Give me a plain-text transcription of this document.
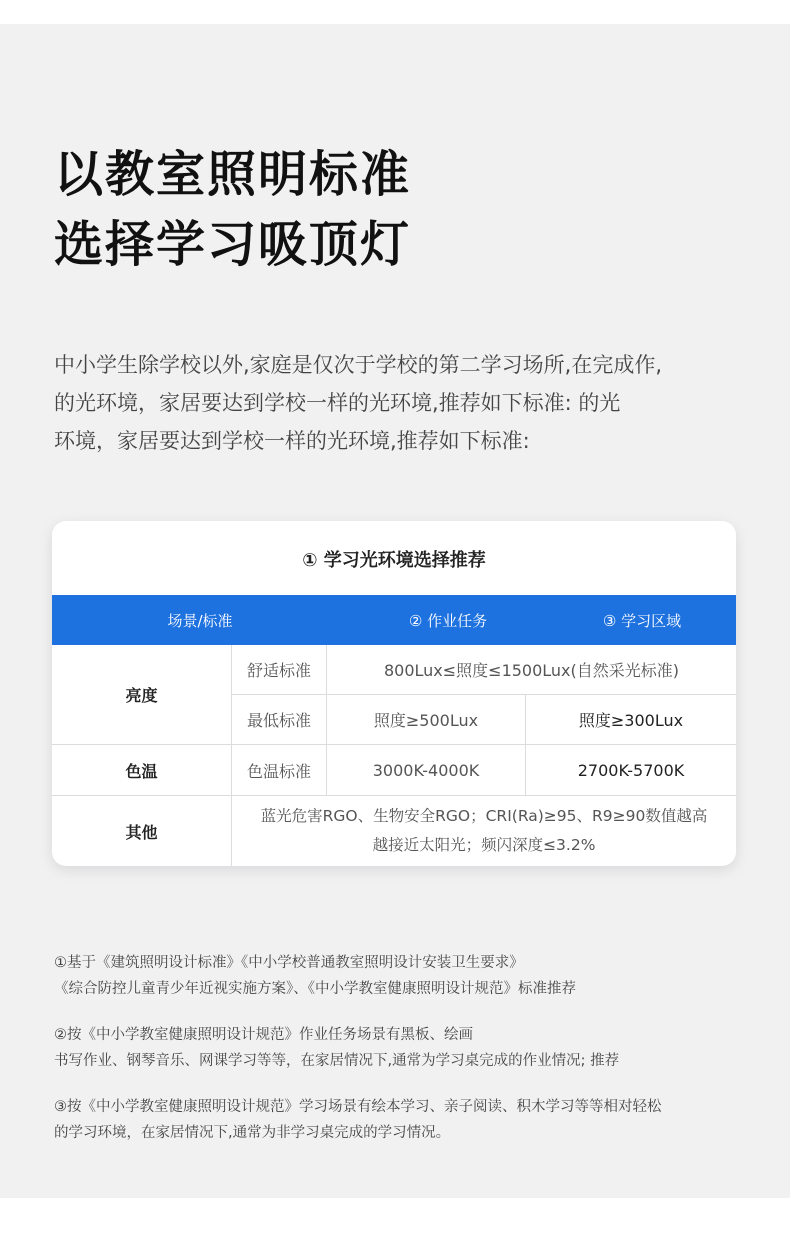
以教室照明标准
选择学习吸顶灯
中小学生除学校以外,家庭是仅次于学校的第二学习场所,在完成作,
的光环境，家居要达到学校一样的光环境,推荐如下标准: 的光
环境，家居要达到学校一样的光环境,推荐如下标准:
① 学习光环境选择推荐
场景/标准	② 作业任务	③ 学习区域
亮度
舒适标准	800Lux≤照度≤1500Lux(自然采光标准)
最低标准	照度≥500Lux	照度≥300Lux
色温	色温标准	3000K-4000K	2700K-5700K
其他
蓝光危害RGO、生物安全RGO；CRI(Ra)≥95、R9≥90数值越高
越接近太阳光；频闪深度≤3.2%
①基于《建筑照明设计标准》《中小学校普通教室照明设计安装卫生要求》
《综合防控儿童青少年近视实施方案》、《中小学教室健康照明设计规范》标准推荐
②按《中小学教室健康照明设计规范》作业任务场景有黑板、绘画
书写作业、钢琴音乐、网课学习等等，在家居情况下,通常为学习桌完成的作业情况; 推荐
③按《中小学教室健康照明设计规范》学习场景有绘本学习、亲子阅读、积木学习等等相对轻松
的学习环境，在家居情况下,通常为非学习桌完成的学习情况。
